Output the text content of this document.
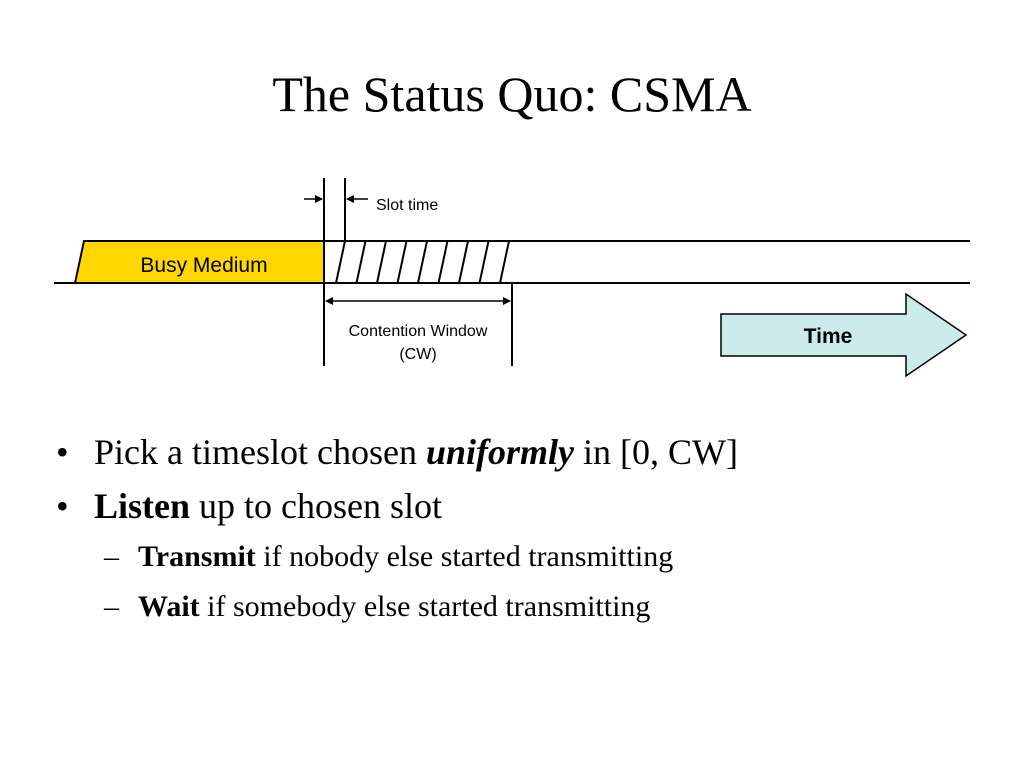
The Status Quo: CSMA
Busy Medium
Slot time
Contention Window
(CW)
Time
• Pick a timeslot chosen uniformly in [0, CW]
• Listen up to chosen slot
– Transmit if nobody else started transmitting
– Wait if somebody else started transmitting
